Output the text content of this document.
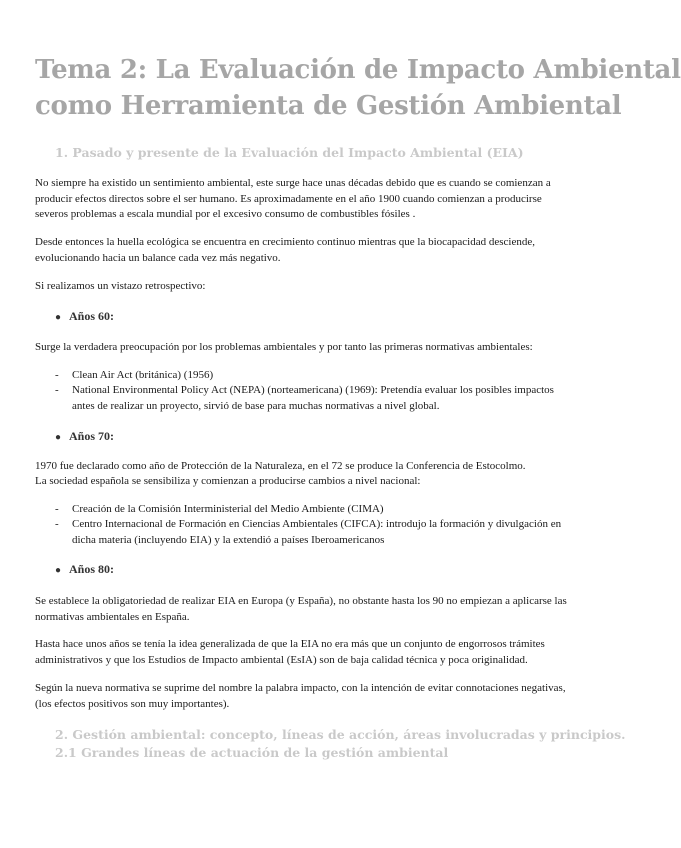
Tema 2: La Evaluación de Impacto Ambiental
como Herramienta de Gestión Ambiental
1. Pasado y presente de la Evaluación del Impacto Ambiental (EIA)
No siempre ha existido un sentimiento ambiental, este surge hace unas décadas debido que es cuando se comienzan a producir efectos directos sobre el ser humano. Es aproximadamente en el año 1900 cuando comienzan a producirse severos problemas a escala mundial por el excesivo consumo de combustibles fósiles .
Desde entonces la huella ecológica se encuentra en crecimiento continuo mientras que la biocapacidad desciende, evolucionando hacia un balance cada vez más negativo.
Si realizamos un vistazo retrospectivo:
● Años 60:
Surge la verdadera preocupación por los problemas ambientales y por tanto las primeras normativas ambientales:
- Clean Air Act (británica) (1956)
- National Environmental Policy Act (NEPA) (norteamericana) (1969): Pretendía evaluar los posibles impactos antes de realizar un proyecto, sirvió de base para muchas normativas a nivel global.
● Años 70:
1970 fue declarado como año de Protección de la Naturaleza, en el 72 se produce la Conferencia de Estocolmo.
La sociedad española se sensibiliza y comienzan a producirse cambios a nivel nacional:
- Creación de la Comisión Interministerial del Medio Ambiente (CIMA)
- Centro Internacional de Formación en Ciencias Ambientales (CIFCA): introdujo la formación y divulgación en dicha materia (incluyendo EIA) y la extendió a países Iberoamericanos
● Años 80:
Se establece la obligatoriedad de realizar EIA en Europa (y España), no obstante hasta los 90 no empiezan a aplicarse las normativas ambientales en España.
Hasta hace unos años se tenía la idea generalizada de que la EIA no era más que un conjunto de engorrosos trámites administrativos y que los Estudios de Impacto ambiental (EsIA) son de baja calidad técnica y poca originalidad.
Según la nueva normativa se suprime del nombre la palabra impacto, con la intención de evitar connotaciones negativas, (los efectos positivos son muy importantes).
2. Gestión ambiental: concepto, líneas de acción, áreas involucradas y principios.
2.1 Grandes líneas de actuación de la gestión ambiental
